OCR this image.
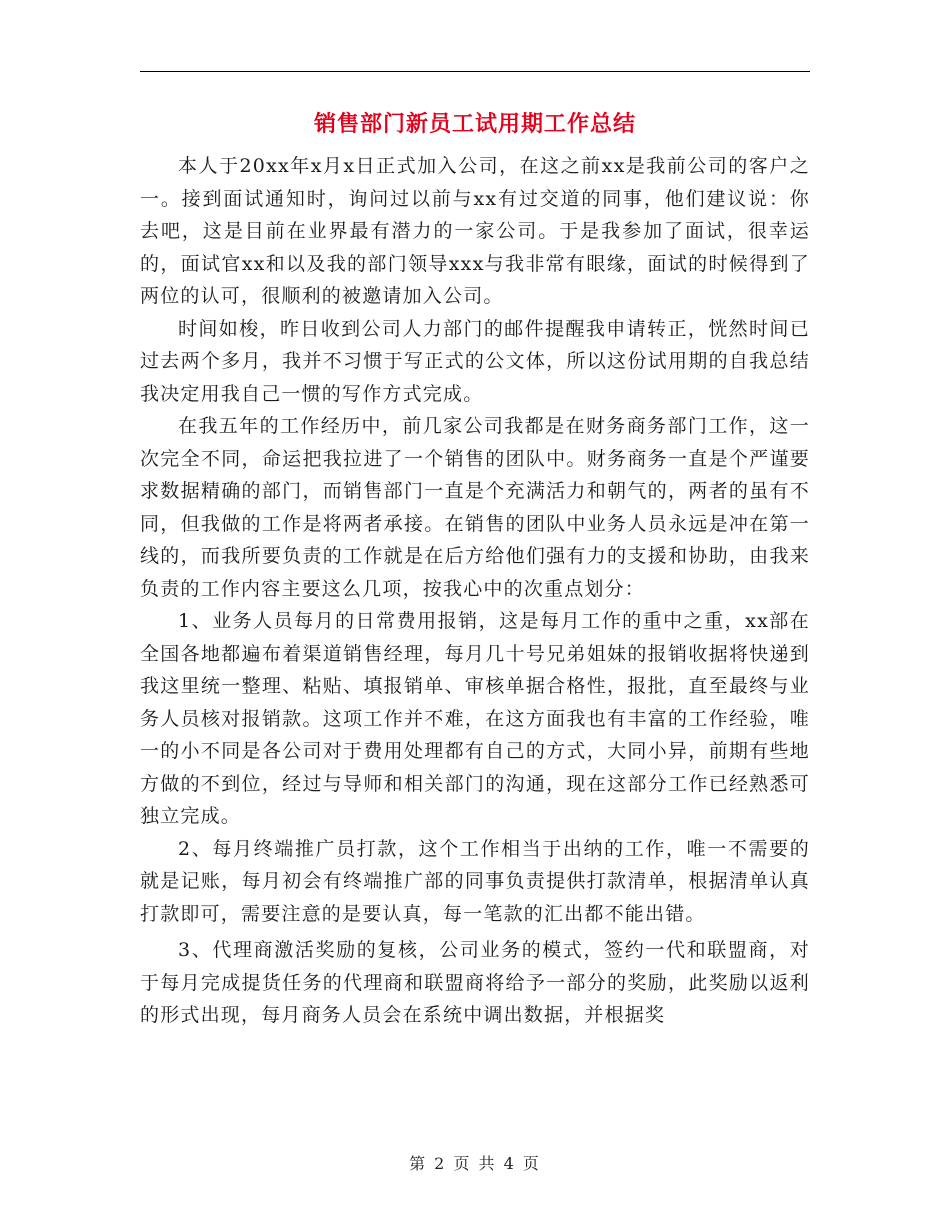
销售部门新员工试用期工作总结

本人于20xx年x月x日正式加入公司，在这之前xx是我前公司的客户之一。接到面试通知时，询问过以前与xx有过交道的同事，他们建议说：你去吧，这是目前在业界最有潜力的一家公司。于是我参加了面试，很幸运的，面试官xx和以及我的部门领导xxx与我非常有眼缘，面试的时候得到了两位的认可，很顺利的被邀请加入公司。

时间如梭，昨日收到公司人力部门的邮件提醒我申请转正，恍然时间已过去两个多月，我并不习惯于写正式的公文体，所以这份试用期的自我总结我决定用我自己一惯的写作方式完成。

在我五年的工作经历中，前几家公司我都是在财务商务部门工作，这一次完全不同，命运把我拉进了一个销售的团队中。财务商务一直是个严谨要求数据精确的部门，而销售部门一直是个充满活力和朝气的，两者的虽有不同，但我做的工作是将两者承接。在销售的团队中业务人员永远是冲在第一线的，而我所要负责的工作就是在后方给他们强有力的支援和协助，由我来负责的工作内容主要这么几项，按我心中的次重点划分：

1、业务人员每月的日常费用报销，这是每月工作的重中之重，xx部在全国各地都遍布着渠道销售经理，每月几十号兄弟姐妹的报销收据将快递到我这里统一整理、粘贴、填报销单、审核单据合格性，报批，直至最终与业务人员核对报销款。这项工作并不难，在这方面我也有丰富的工作经验，唯一的小不同是各公司对于费用处理都有自己的方式，大同小异，前期有些地方做的不到位，经过与导师和相关部门的沟通，现在这部分工作已经熟悉可独立完成。

2、每月终端推广员打款，这个工作相当于出纳的工作，唯一不需要的就是记账，每月初会有终端推广部的同事负责提供打款清单，根据清单认真打款即可，需要注意的是要认真，每一笔款的汇出都不能出错。

3、代理商激活奖励的复核，公司业务的模式，签约一代和联盟商，对于每月完成提货任务的代理商和联盟商将给予一部分的奖励，此奖励以返利的形式出现，每月商务人员会在系统中调出数据，并根据奖

第 2 页 共 4 页
